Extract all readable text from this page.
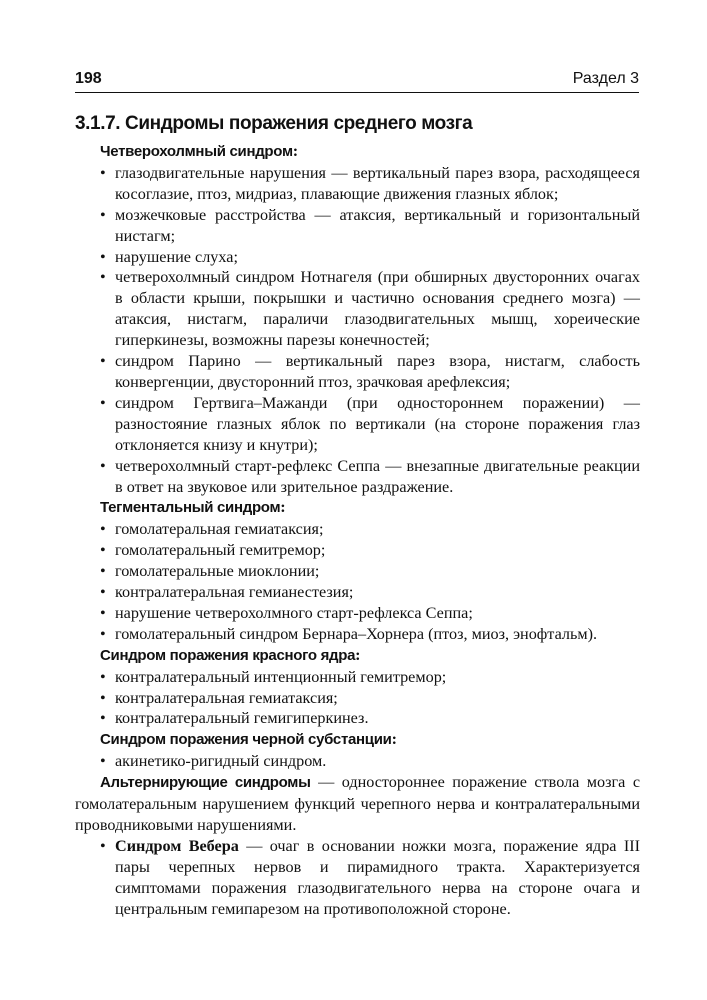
198	Раздел 3
3.1.7. Синдромы поражения среднего мозга

Четверохолмный синдром:

• глазодвигательные нарушения — вертикальный парез взора, расходящееся косоглазие, птоз, мидриаз, плавающие движения глазных яблок;
• мозжечковые расстройства — атаксия, вертикальный и горизонтальный нистагм;
• нарушение слуха;
• четверохолмный синдром Нотнагеля (при обширных двусторонних очагах в области крыши, покрышки и частично основания среднего мозга) — атаксия, нистагм, параличи глазодвигательных мышц, хореические гиперкинезы, возможны парезы конечностей;
• синдром Парино — вертикальный парез взора, нистагм, слабость конвергенции, двусторонний птоз, зрачковая арефлексия;
• синдром Гертвига–Мажанди (при одностороннем поражении) — разностояние глазных яблок по вертикали (на стороне поражения глаз отклоняется книзу и кнутри);
• четверохолмный старт-рефлекс Сеппа — внезапные двигательные реакции в ответ на звуковое или зрительное раздражение.

Тегментальный синдром:

• гомолатеральная гемиатаксия;
• гомолатеральный гемитремор;
• гомолатеральные миоклонии;
• контралатеральная гемианестезия;
• нарушение четверохолмного старт-рефлекса Сеппа;
• гомолатеральный синдром Бернара–Хорнера (птоз, миоз, энофтальм).

Синдром поражения красного ядра:

• контралатеральный интенционный гемитремор;
• контралатеральная гемиатаксия;
• контралатеральный гемигиперкинез.

Синдром поражения черной субстанции:

• акинетико-ригидный синдром.

Альтернирующие синдромы — одностороннее поражение ствола мозга с гомолатеральным нарушением функций черепного нерва и контралатеральными проводниковыми нарушениями.

• Синдром Вебера — очаг в основании ножки мозга, поражение ядра III пары черепных нервов и пирамидного тракта. Характеризуется симптомами поражения глазодвигательного нерва на стороне очага и центральным гемипарезом на противоположной стороне.
